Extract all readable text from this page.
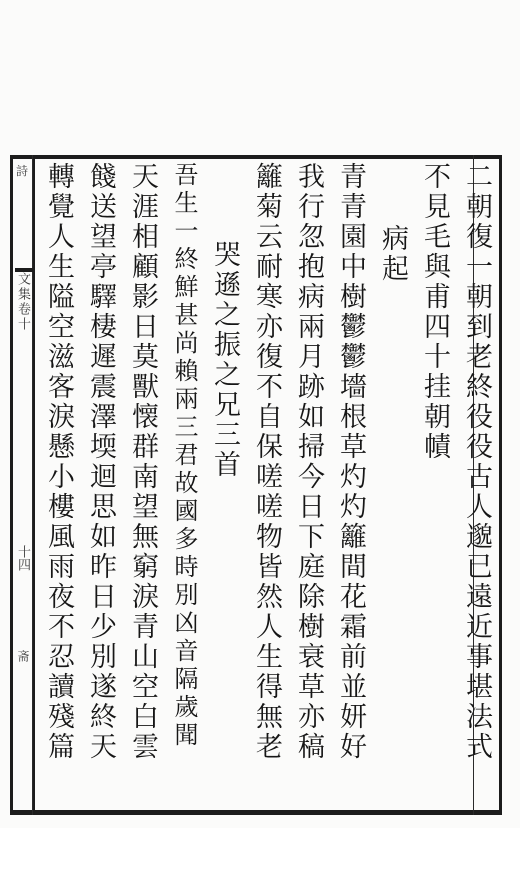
詩
文集卷十
十四
斋	二朝復一朝到老終役役古人邈已遠近事堪法式
不見毛與甫四十挂朝幘
病起
青青園中樹鬱鬱墻根草灼灼籬間花霜前並妍好
我行忽抱病兩月跡如掃今日下庭除樹衰草亦稿
籬菊云耐寒亦復不自保嗟嗟物皆然人生得無老
哭遜之振之兄三首
吾生一終鮮甚尚賴兩三君故國多時別凶音隔歲聞
天涯相顧影日莫獸懐群南望無窮淚青山空白雲
餞送望亭驛棲遲震澤堧迴思如昨日少別遂終天
轉覺人生隘空滋客淚懸小樓風雨夜不忍讀殘篇
